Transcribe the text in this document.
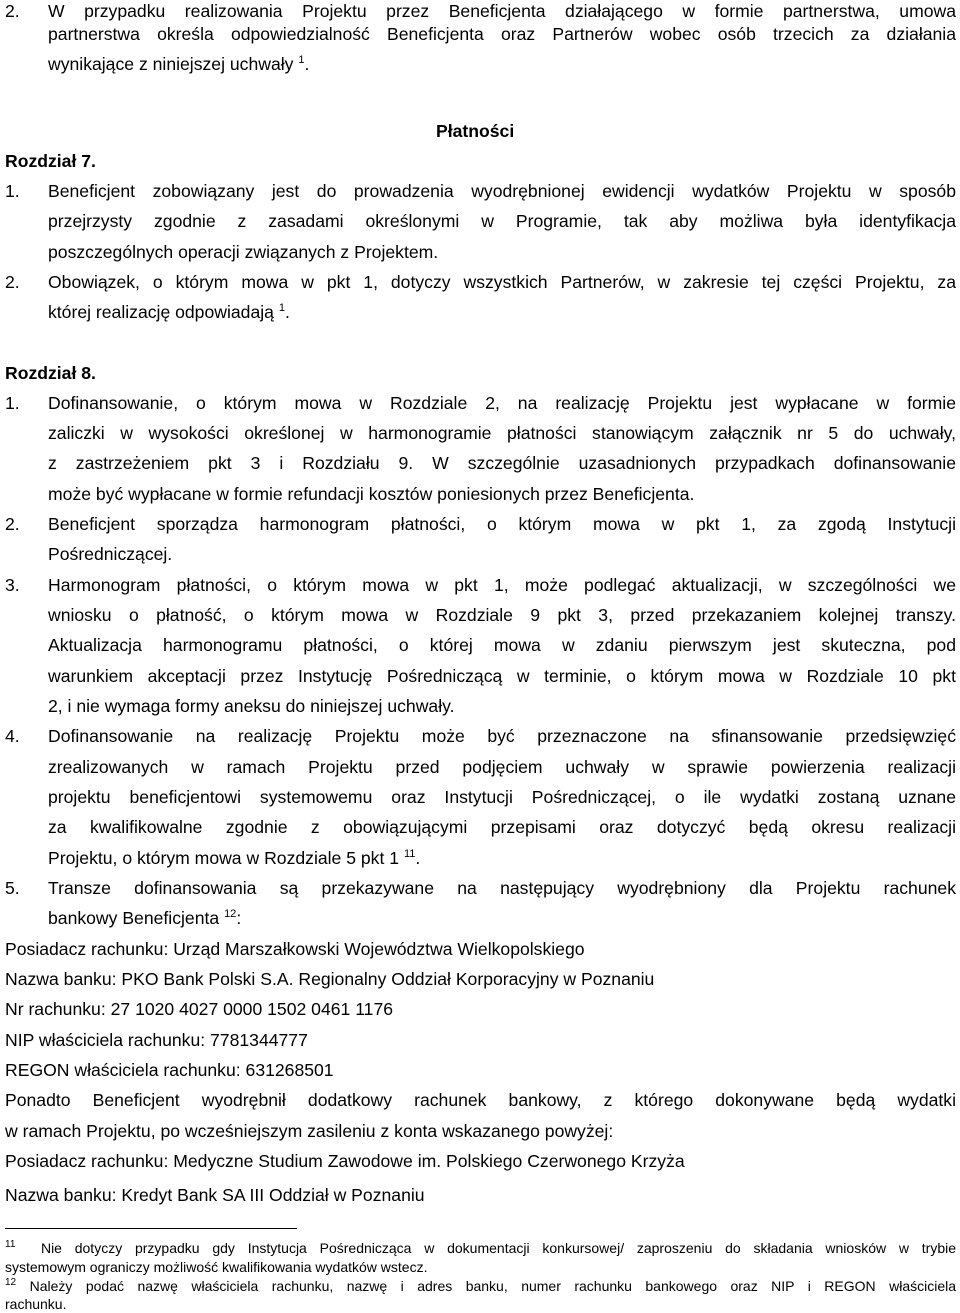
2. W przypadku realizowania Projektu przez Beneficjenta działającego w formie partnerstwa, umowa
partnerstwa określa odpowiedzialność Beneficjenta oraz Partnerów wobec osób trzecich za działania
wynikające z niniejszej uchwały $^1$.
Płatności
Rozdział 7.
1. Beneficjent zobowiązany jest do prowadzenia wyodrębnionej ewidencji wydatków Projektu w sposób
przejrzysty zgodnie z zasadami określonymi w Programie, tak aby możliwa była identyfikacja
poszczególnych operacji związanych z Projektem.
2. Obowiązek, o którym mowa w pkt 1, dotyczy wszystkich Partnerów, w zakresie tej części Projektu, za
której realizację odpowiadają $^1$.
Rozdział 8.
1. Dofinansowanie, o którym mowa w Rozdziale 2, na realizację Projektu jest wypłacane w formie
zaliczki w wysokości określonej w harmonogramie płatności stanowiącym załącznik nr 5 do uchwały,
z zastrzeżeniem pkt 3 i Rozdziału 9. W szczególnie uzasadnionych przypadkach dofinansowanie
może być wypłacane w formie refundacji kosztów poniesionych przez Beneficjenta.
2. Beneficjent sporządza harmonogram płatności, o którym mowa w pkt 1, za zgodą Instytucji
Pośredniczącej.
3. Harmonogram płatności, o którym mowa w pkt 1, może podlegać aktualizacji, w szczególności we
wniosku o płatność, o którym mowa w Rozdziale 9 pkt 3, przed przekazaniem kolejnej transzy.
Aktualizacja harmonogramu płatności, o której mowa w zdaniu pierwszym jest skuteczna, pod
warunkiem akceptacji przez Instytucję Pośredniczącą w terminie, o którym mowa w Rozdziale 10 pkt
2, i nie wymaga formy aneksu do niniejszej uchwały.
4. Dofinansowanie na realizację Projektu może być przeznaczone na sfinansowanie przedsięwzięć
zrealizowanych w ramach Projektu przed podjęciem uchwały w sprawie powierzenia realizacji
projektu beneficjentowi systemowemu oraz Instytucji Pośredniczącej, o ile wydatki zostaną uznane
za kwalifikowalne zgodnie z obowiązującymi przepisami oraz dotyczyć będą okresu realizacji
Projektu, o którym mowa w Rozdziale 5 pkt 1 $^{11}$.
5. Transze dofinansowania są przekazywane na następujący wyodrębniony dla Projektu rachunek
bankowy Beneficjenta $^{12}$:
Posiadacz rachunku: Urząd Marszałkowski Województwa Wielkopolskiego
Nazwa banku: PKO Bank Polski S.A. Regionalny Oddział Korporacyjny w Poznaniu
Nr rachunku: 27 1020 4027 0000 1502 0461 1176
NIP właściciela rachunku: 7781344777
REGON właściciela rachunku: 631268501
Ponadto Beneficjent wyodrębnił dodatkowy rachunek bankowy, z którego dokonywane będą wydatki
w ramach Projektu, po wcześniejszym zasileniu z konta wskazanego powyżej:
Posiadacz rachunku: Medyczne Studium Zawodowe im. Polskiego Czerwonego Krzyża
Nazwa banku: Kredyt Bank SA III Oddział w Poznaniu
$^{11}$ Nie dotyczy przypadku gdy Instytucja Pośrednicząca w dokumentacji konkursowej/ zaproszeniu do składania wniosków w trybie
systemowym ograniczy możliwość kwalifikowania wydatków wstecz.
$^{12}$ Należy podać nazwę właściciela rachunku, nazwę i adres banku, numer rachunku bankowego oraz NIP i REGON właściciela
rachunku.
